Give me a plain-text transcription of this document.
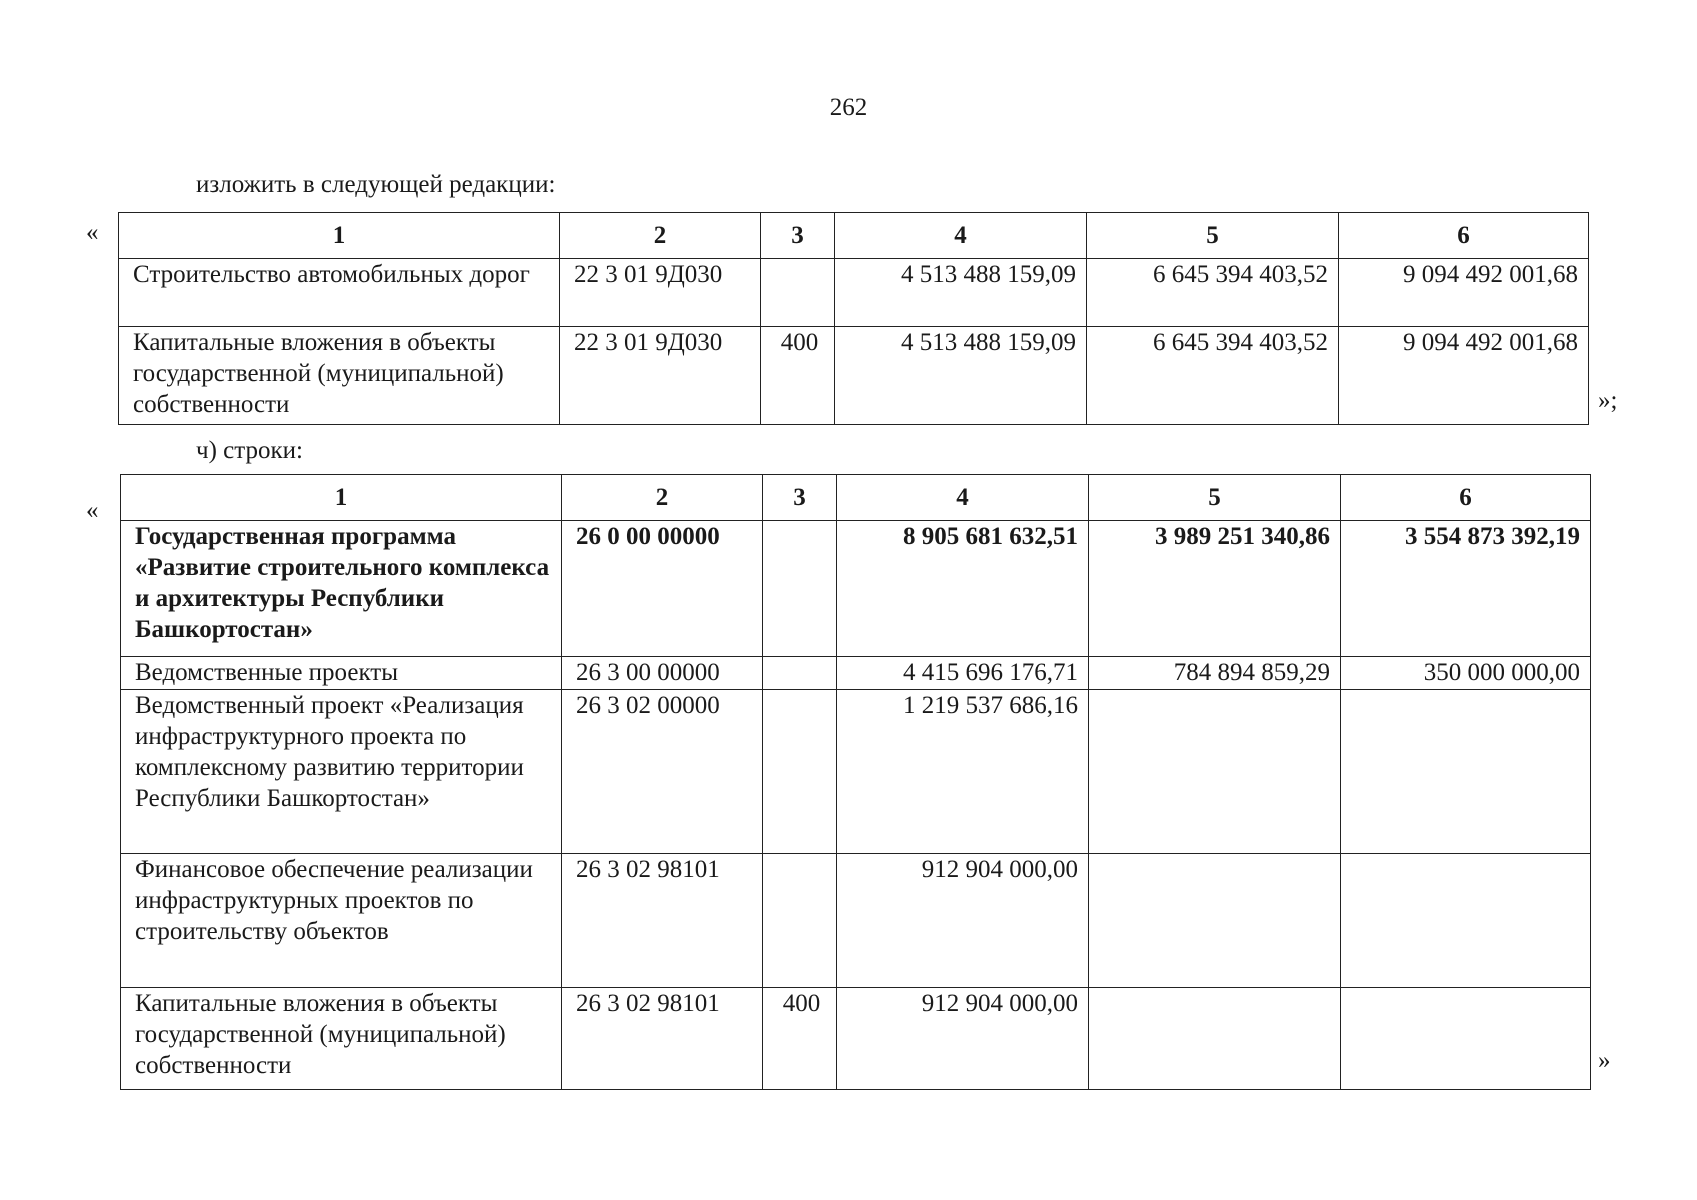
262
изложить в следующей редакции:
«	1	2	3	4	5	6
Строительство автомобильных дорог	22 3 01 9Д030		4 513 488 159,09	6 645 394 403,52	9 094 492 001,68
Капитальные вложения в объекты государственной (муниципальной) собственности	22 3 01 9Д030	400	4 513 488 159,09	6 645 394 403,52	9 094 492 001,68
»;
ч) строки:
«	1	2	3	4	5	6
Государственная программа «Развитие строительного комплекса и архитектуры Республики Башкортостан»	26 0 00 00000		8 905 681 632,51	3 989 251 340,86	3 554 873 392,19
Ведомственные проекты	26 3 00 00000		4 415 696 176,71	784 894 859,29	350 000 000,00
Ведомственный проект «Реализация инфраструктурного проекта по комплексному развитию территории Республики Башкортостан»	26 3 02 00000		1 219 537 686,16		
Финансовое обеспечение реализации инфраструктурных проектов по строительству объектов	26 3 02 98101		912 904 000,00		
Капитальные вложения в объекты государственной (муниципальной) собственности	26 3 02 98101	400	912 904 000,00		
»
